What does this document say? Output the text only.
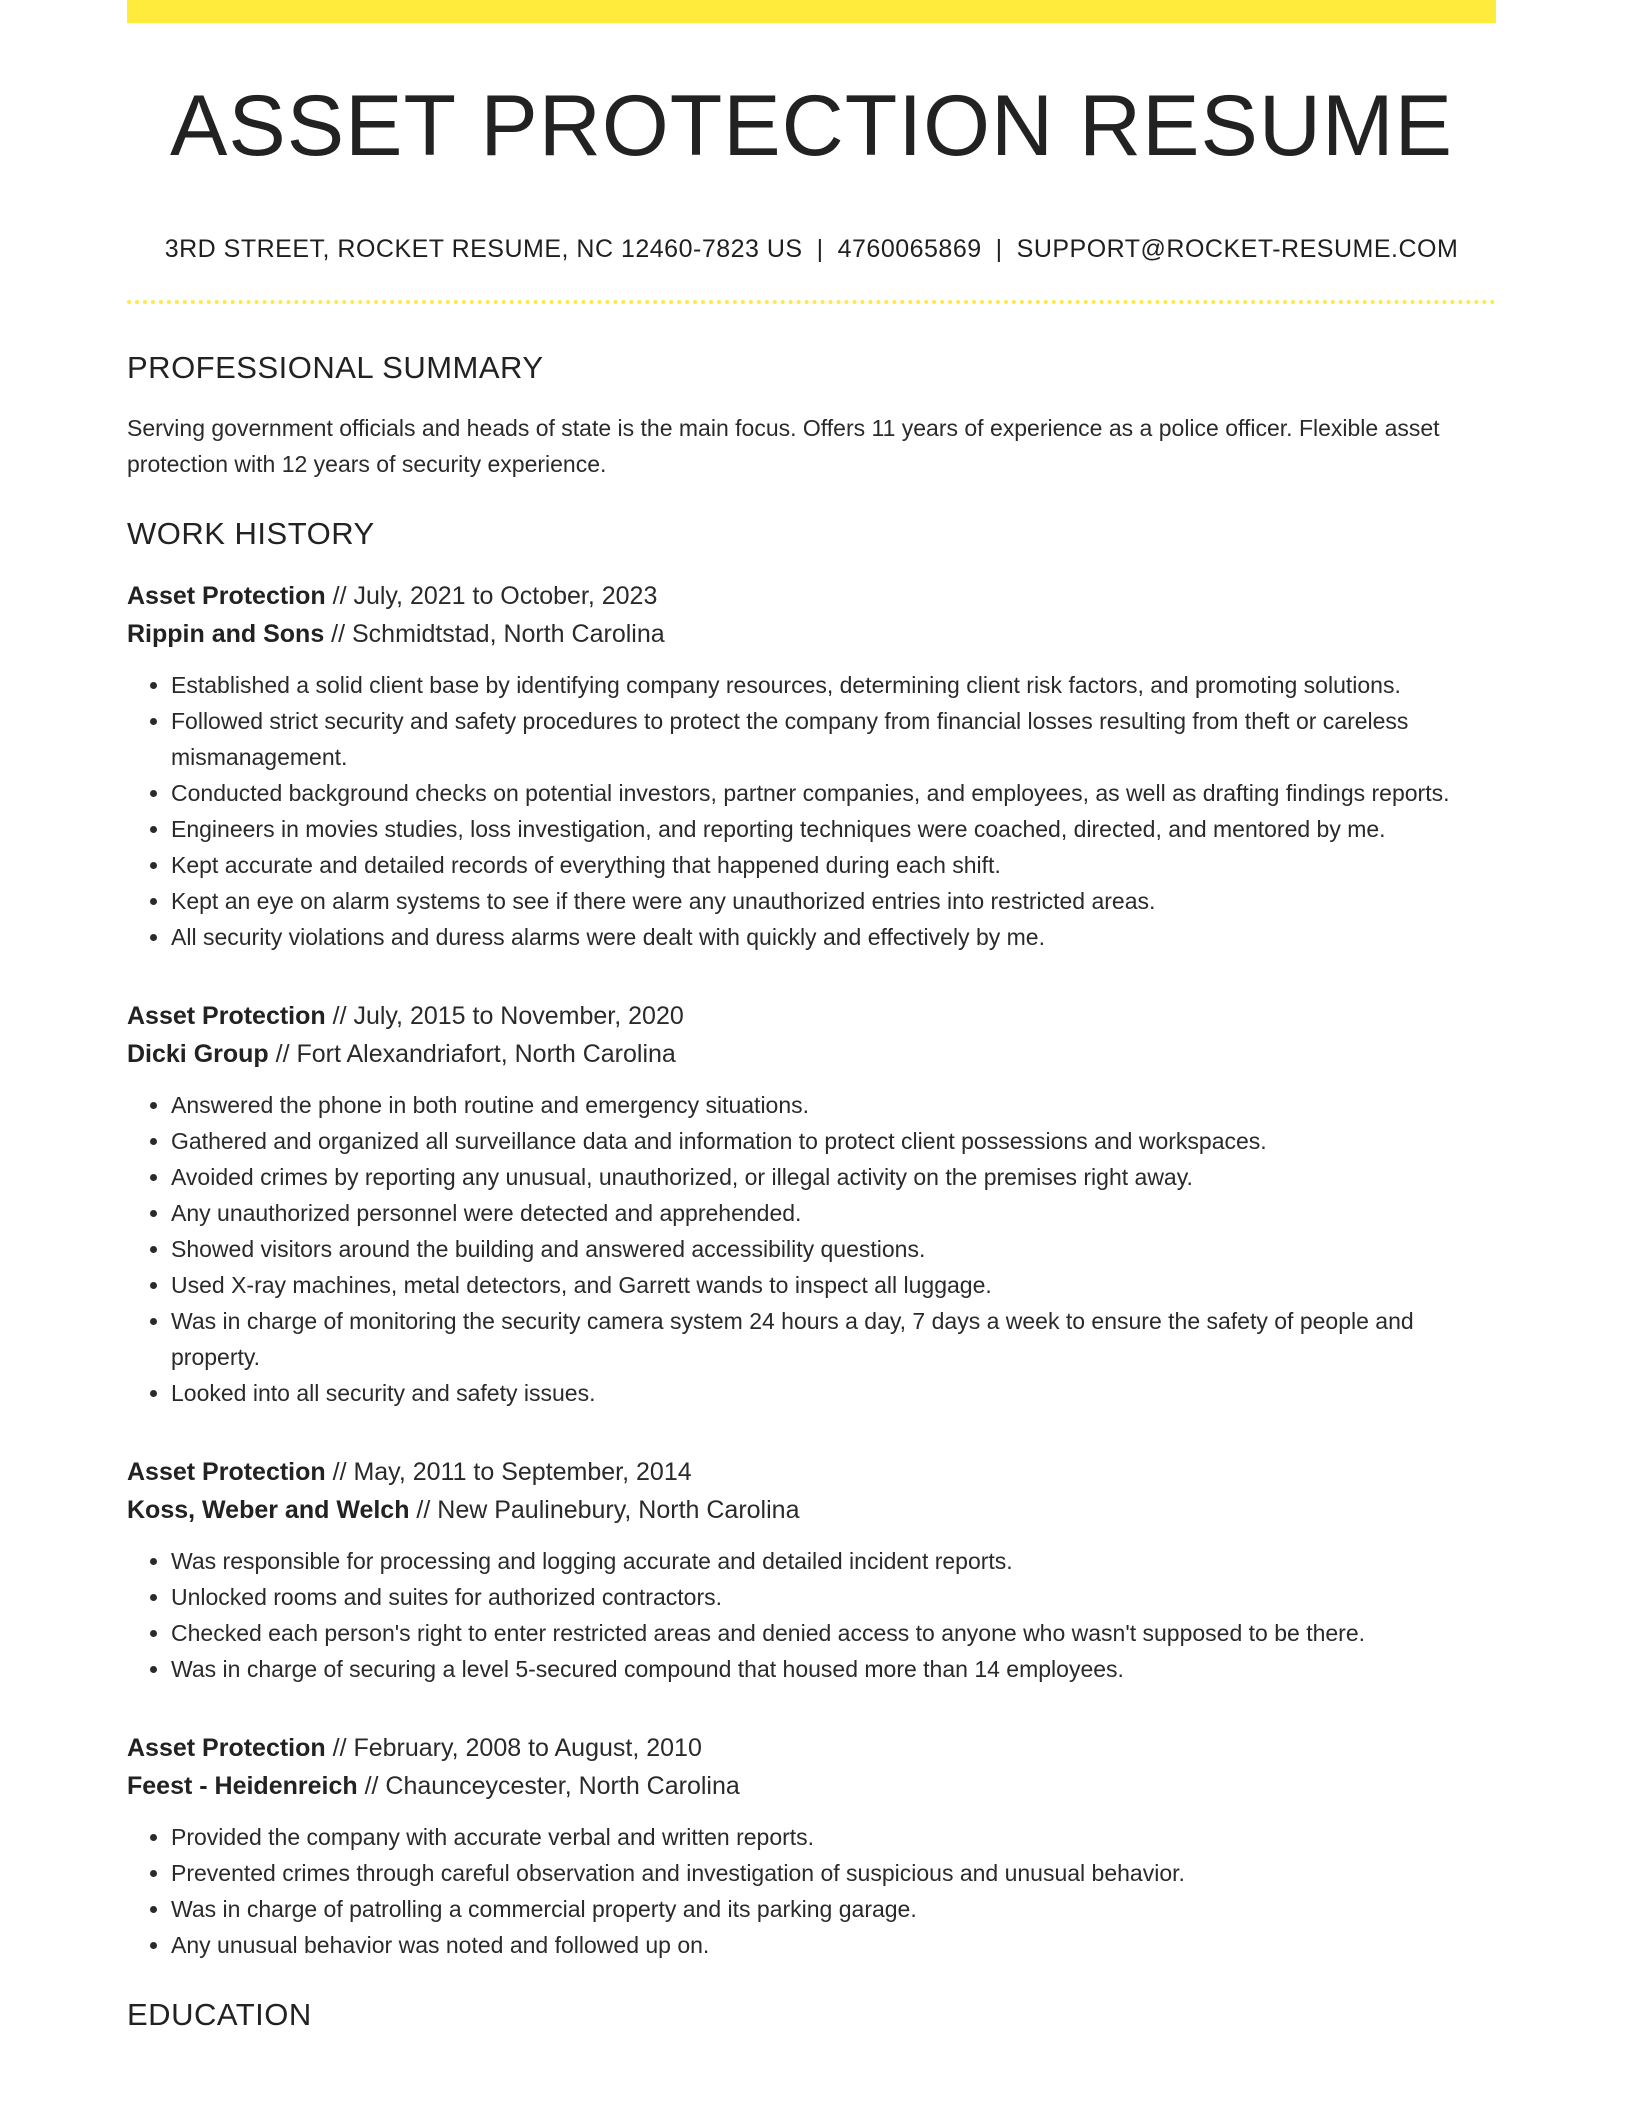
ASSET PROTECTION RESUME
3RD STREET, ROCKET RESUME, NC 12460-7823 US | 4760065869 | SUPPORT@ROCKET-RESUME.COM
PROFESSIONAL SUMMARY

Serving government officials and heads of state is the main focus. Offers 11 years of experience as a police officer. Flexible asset protection with 12 years of security experience.

WORK HISTORY
Asset Protection // July, 2021 to October, 2023
Rippin and Sons // Schmidtstad, North Carolina
• Established a solid client base by identifying company resources, determining client risk factors, and promoting solutions.
• Followed strict security and safety procedures to protect the company from financial losses resulting from theft or careless mismanagement.
• Conducted background checks on potential investors, partner companies, and employees, as well as drafting findings reports.
• Engineers in movies studies, loss investigation, and reporting techniques were coached, directed, and mentored by me.
• Kept accurate and detailed records of everything that happened during each shift.
• Kept an eye on alarm systems to see if there were any unauthorized entries into restricted areas.
• All security violations and duress alarms were dealt with quickly and effectively by me.
Asset Protection // July, 2015 to November, 2020
Dicki Group // Fort Alexandriafort, North Carolina
• Answered the phone in both routine and emergency situations.
• Gathered and organized all surveillance data and information to protect client possessions and workspaces.
• Avoided crimes by reporting any unusual, unauthorized, or illegal activity on the premises right away.
• Any unauthorized personnel were detected and apprehended.
• Showed visitors around the building and answered accessibility questions.
• Used X-ray machines, metal detectors, and Garrett wands to inspect all luggage.
• Was in charge of monitoring the security camera system 24 hours a day, 7 days a week to ensure the safety of people and property.
• Looked into all security and safety issues.
Asset Protection // May, 2011 to September, 2014
Koss, Weber and Welch // New Paulinebury, North Carolina
• Was responsible for processing and logging accurate and detailed incident reports.
• Unlocked rooms and suites for authorized contractors.
• Checked each person's right to enter restricted areas and denied access to anyone who wasn't supposed to be there.
• Was in charge of securing a level 5-secured compound that housed more than 14 employees.
Asset Protection // February, 2008 to August, 2010
Feest - Heidenreich // Chaunceycester, North Carolina
• Provided the company with accurate verbal and written reports.
• Prevented crimes through careful observation and investigation of suspicious and unusual behavior.
• Was in charge of patrolling a commercial property and its parking garage.
• Any unusual behavior was noted and followed up on.
EDUCATION
